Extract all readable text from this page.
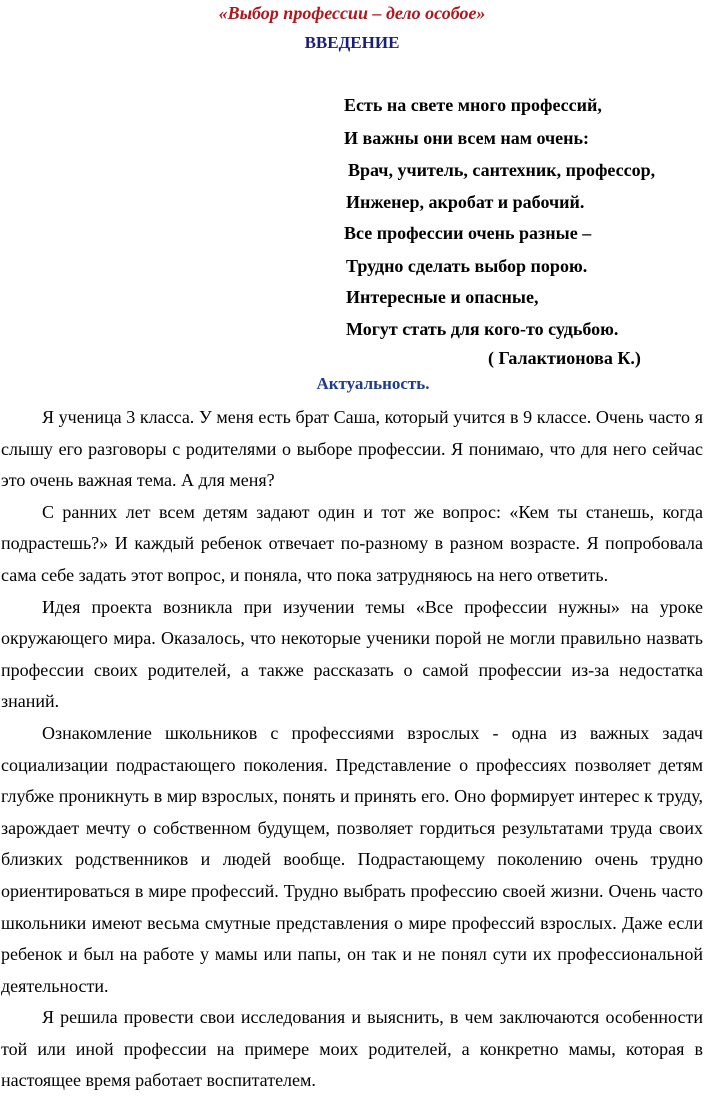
«Выбор профессии – дело особое»
ВВЕДЕНИЕ
Есть на свете много профессий,
И важны они всем нам очень:
Врач, учитель, сантехник, профессор,
Инженер, акробат и рабочий.
Все профессии очень разные –
Трудно сделать выбор порою.
Интересные и опасные,
Могут стать для кого-то судьбою.
( Галактионова К.)
Актуальность.

Я ученица 3 класса. У меня есть брат Саша, который учится в 9 классе. Очень часто я слышу его разговоры с родителями о выборе профессии. Я понимаю, что для него сейчас это очень важная тема. А для меня?

С ранних лет всем детям задают один и тот же вопрос: «Кем ты станешь, когда подрастешь?» И каждый ребенок отвечает по-разному в разном возрасте. Я попробовала сама себе задать этот вопрос, и поняла, что пока затрудняюсь на него ответить.

Идея проекта возникла при изучении темы «Все профессии нужны» на уроке окружающего мира. Оказалось, что некоторые ученики порой не могли правильно назвать профессии своих родителей, а также рассказать о самой профессии из-за недостатка знаний.

Ознакомление школьников с профессиями взрослых - одна из важных задач социализации подрастающего поколения. Представление о профессиях позволяет детям глубже проникнуть в мир взрослых, понять и принять его. Оно формирует интерес к труду, зарождает мечту о собственном будущем, позволяет гордиться результатами труда своих близких родственников и людей вообще. Подрастающему поколению очень трудно ориентироваться в мире профессий. Трудно выбрать профессию своей жизни. Очень часто школьники имеют весьма смутные представления о мире профессий взрослых. Даже если ребенок и был на работе у мамы или папы, он так и не понял сути их профессиональной деятельности.

Я решила провести свои исследования и выяснить, в чем заключаются особенности той или иной профессии на примере моих родителей, а конкретно мамы, которая в настоящее время работает воспитателем.
